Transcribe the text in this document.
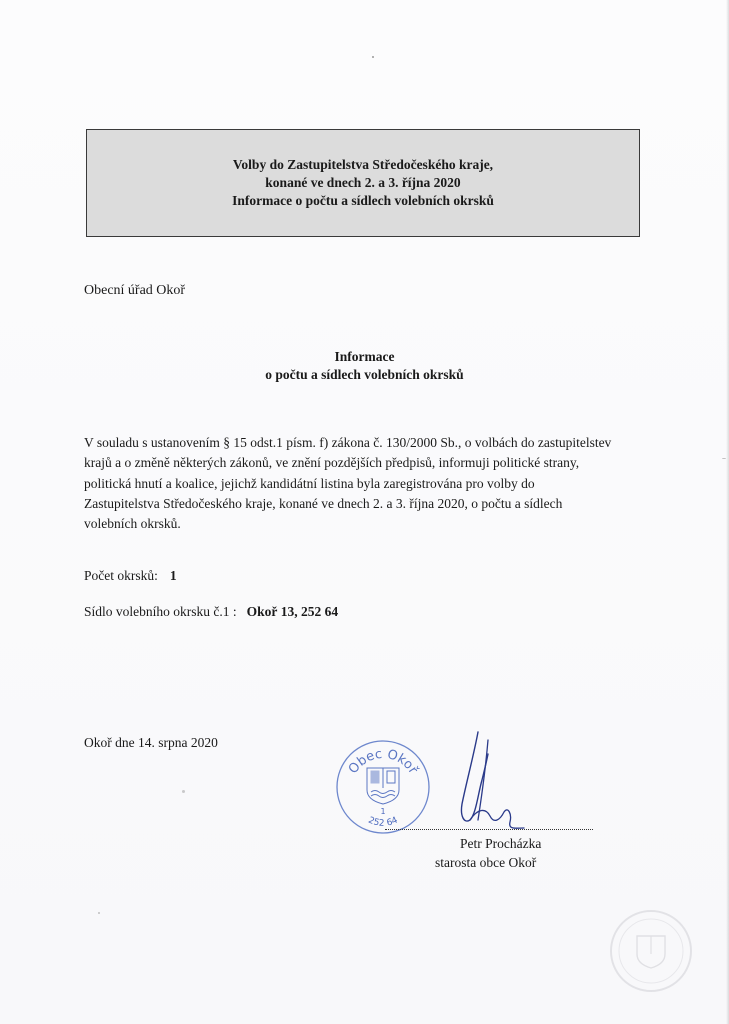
Volby do Zastupitelstva Středočeského kraje,
konané ve dnech 2. a 3. října 2020
Informace o počtu a sídlech volebních okrsků
Obecní úřad Okoř
Informace
o počtu a sídlech volebních okrsků
V souladu s ustanovením § 15 odst.1 písm. f) zákona č. 130/2000 Sb., o volbách do zastupitelstev
krajů a o změně některých zákonů, ve znění pozdějších předpisů, informuji politické strany,
politická hnutí a koalice, jejichž kandidátní listina byla zaregistrována pro volby do
Zastupitelstva Středočeského kraje, konané ve dnech 2. a 3. října 2020, o počtu a sídlech
volebních okrsků.
Počet okrsků: 1
Sídlo volebního okrsku č.1 : Okoř 13, 252 64
Okoř dne 14. srpna 2020
Obec Okoř
1
252 64
Petr Procházka
starosta obce Okoř
